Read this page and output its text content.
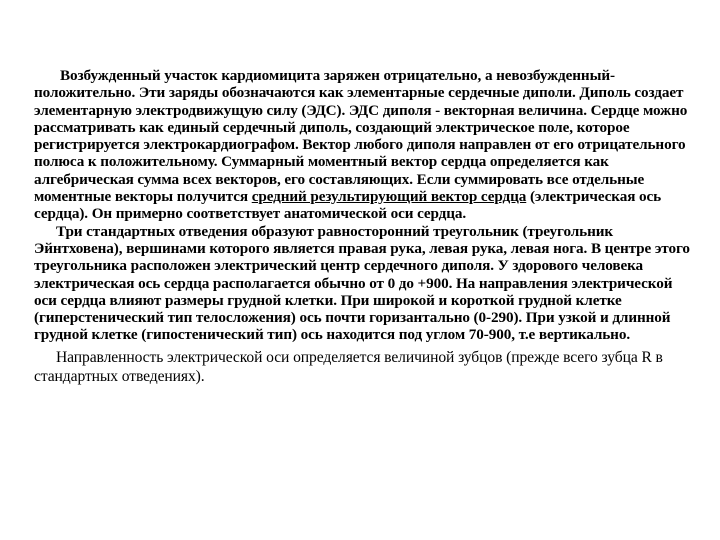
Возбужденный участок кардиомицита заряжен отрицательно, а невозбужденный- положительно. Эти заряды обозначаются как элементарные сердечные диполи. Диполь создает элементарную электродвижущую силу (ЭДС). ЭДС диполя - векторная величина. Сердце можно рассматривать как единый сердечный диполь, создающий электрическое поле, которое регистрируется электрокардиографом. Вектор любого диполя направлен от его отрицательного полюса к положительному. Суммарный моментный вектор сердца определяется как алгебрическая сумма всех векторов, его составляющих. Если суммировать все отдельные моментные векторы получится средний результирующий вектор сердца (электрическая ось сердца). Он примерно соответствует анатомической оси сердца.

Три стандартных отведения образуют равносторонний треугольник (треугольник Эйнтховена), вершинами которого является правая рука, левая рука, левая нога. В центре этого треугольника расположен электрический центр сердечного диполя. У здорового человека электрическая ось сердца располагается обычно от 0 до +900. На направления электрической оси сердца влияют размеры грудной клетки. При широкой и короткой грудной клетке (гиперстенический тип телосложения) ось почти горизантально (0-290). При узкой и длинной грудной клетке (гипостенический тип) ось находится под углом 70-900, т.е вертикально.

Направленность электрической оси определяется величиной зубцов (прежде всего зубца R в стандартных отведениях).
